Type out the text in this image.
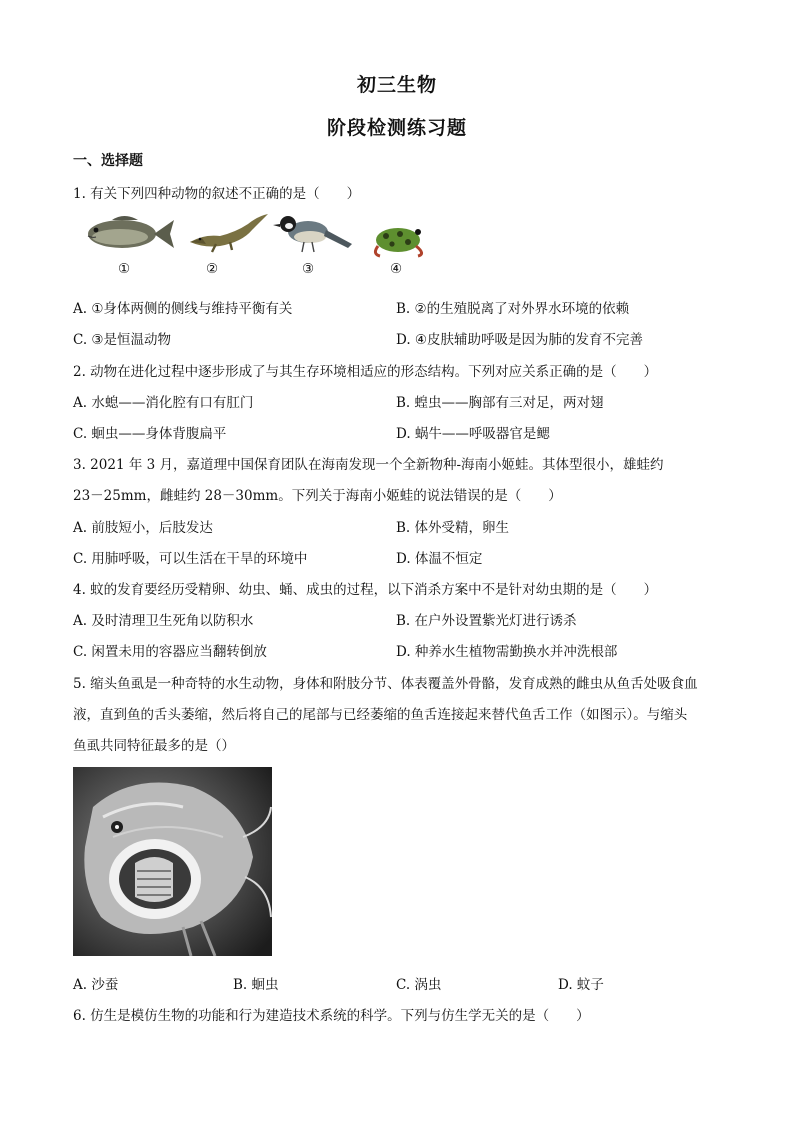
初三生物
阶段检测练习题
一、选择题
1. 有关下列四种动物的叙述不正确的是（　　）
①	②	③	④
A. ①身体两侧的侧线与维持平衡有关	B. ②的生殖脱离了对外界水环境的依赖
C. ③是恒温动物	D. ④皮肤辅助呼吸是因为肺的发育不完善
2. 动物在进化过程中逐步形成了与其生存环境相适应的形态结构。下列对应关系正确的是（　　）
A. 水螅——消化腔有口有肛门	B. 蝗虫——胸部有三对足，两对翅
C. 蛔虫——身体背腹扁平	D. 蜗牛——呼吸器官是鳃
3. 2021 年 3 月，嘉道理中国保育团队在海南发现一个全新物种-海南小姬蛙。其体型很小，雄蛙约
23－25mm，雌蛙约 28－30mm。下列关于海南小姬蛙的说法错误的是（　　）
A. 前肢短小，后肢发达	B. 体外受精，卵生
C. 用肺呼吸，可以生活在干旱的环境中	D. 体温不恒定
4. 蚊的发育要经历受精卵、幼虫、蛹、成虫的过程，以下消杀方案中不是针对幼虫期的是（　　）
A. 及时清理卫生死角以防积水	B. 在户外设置紫光灯进行诱杀
C. 闲置未用的容器应当翻转倒放	D. 种养水生植物需勤换水并冲洗根部
5. 缩头鱼虱是一种奇特的水生动物，身体和附肢分节、体表覆盖外骨骼，发育成熟的雌虫从鱼舌处吸食血
液，直到鱼的舌头萎缩，然后将自己的尾部与已经萎缩的鱼舌连接起来替代鱼舌工作（如图示）。与缩头
鱼虱共同特征最多的是（）
A. 沙蚕	B. 蛔虫	C. 涡虫	D. 蚊子
6. 仿生是模仿生物的功能和行为建造技术系统的科学。下列与仿生学无关的是（　　）
